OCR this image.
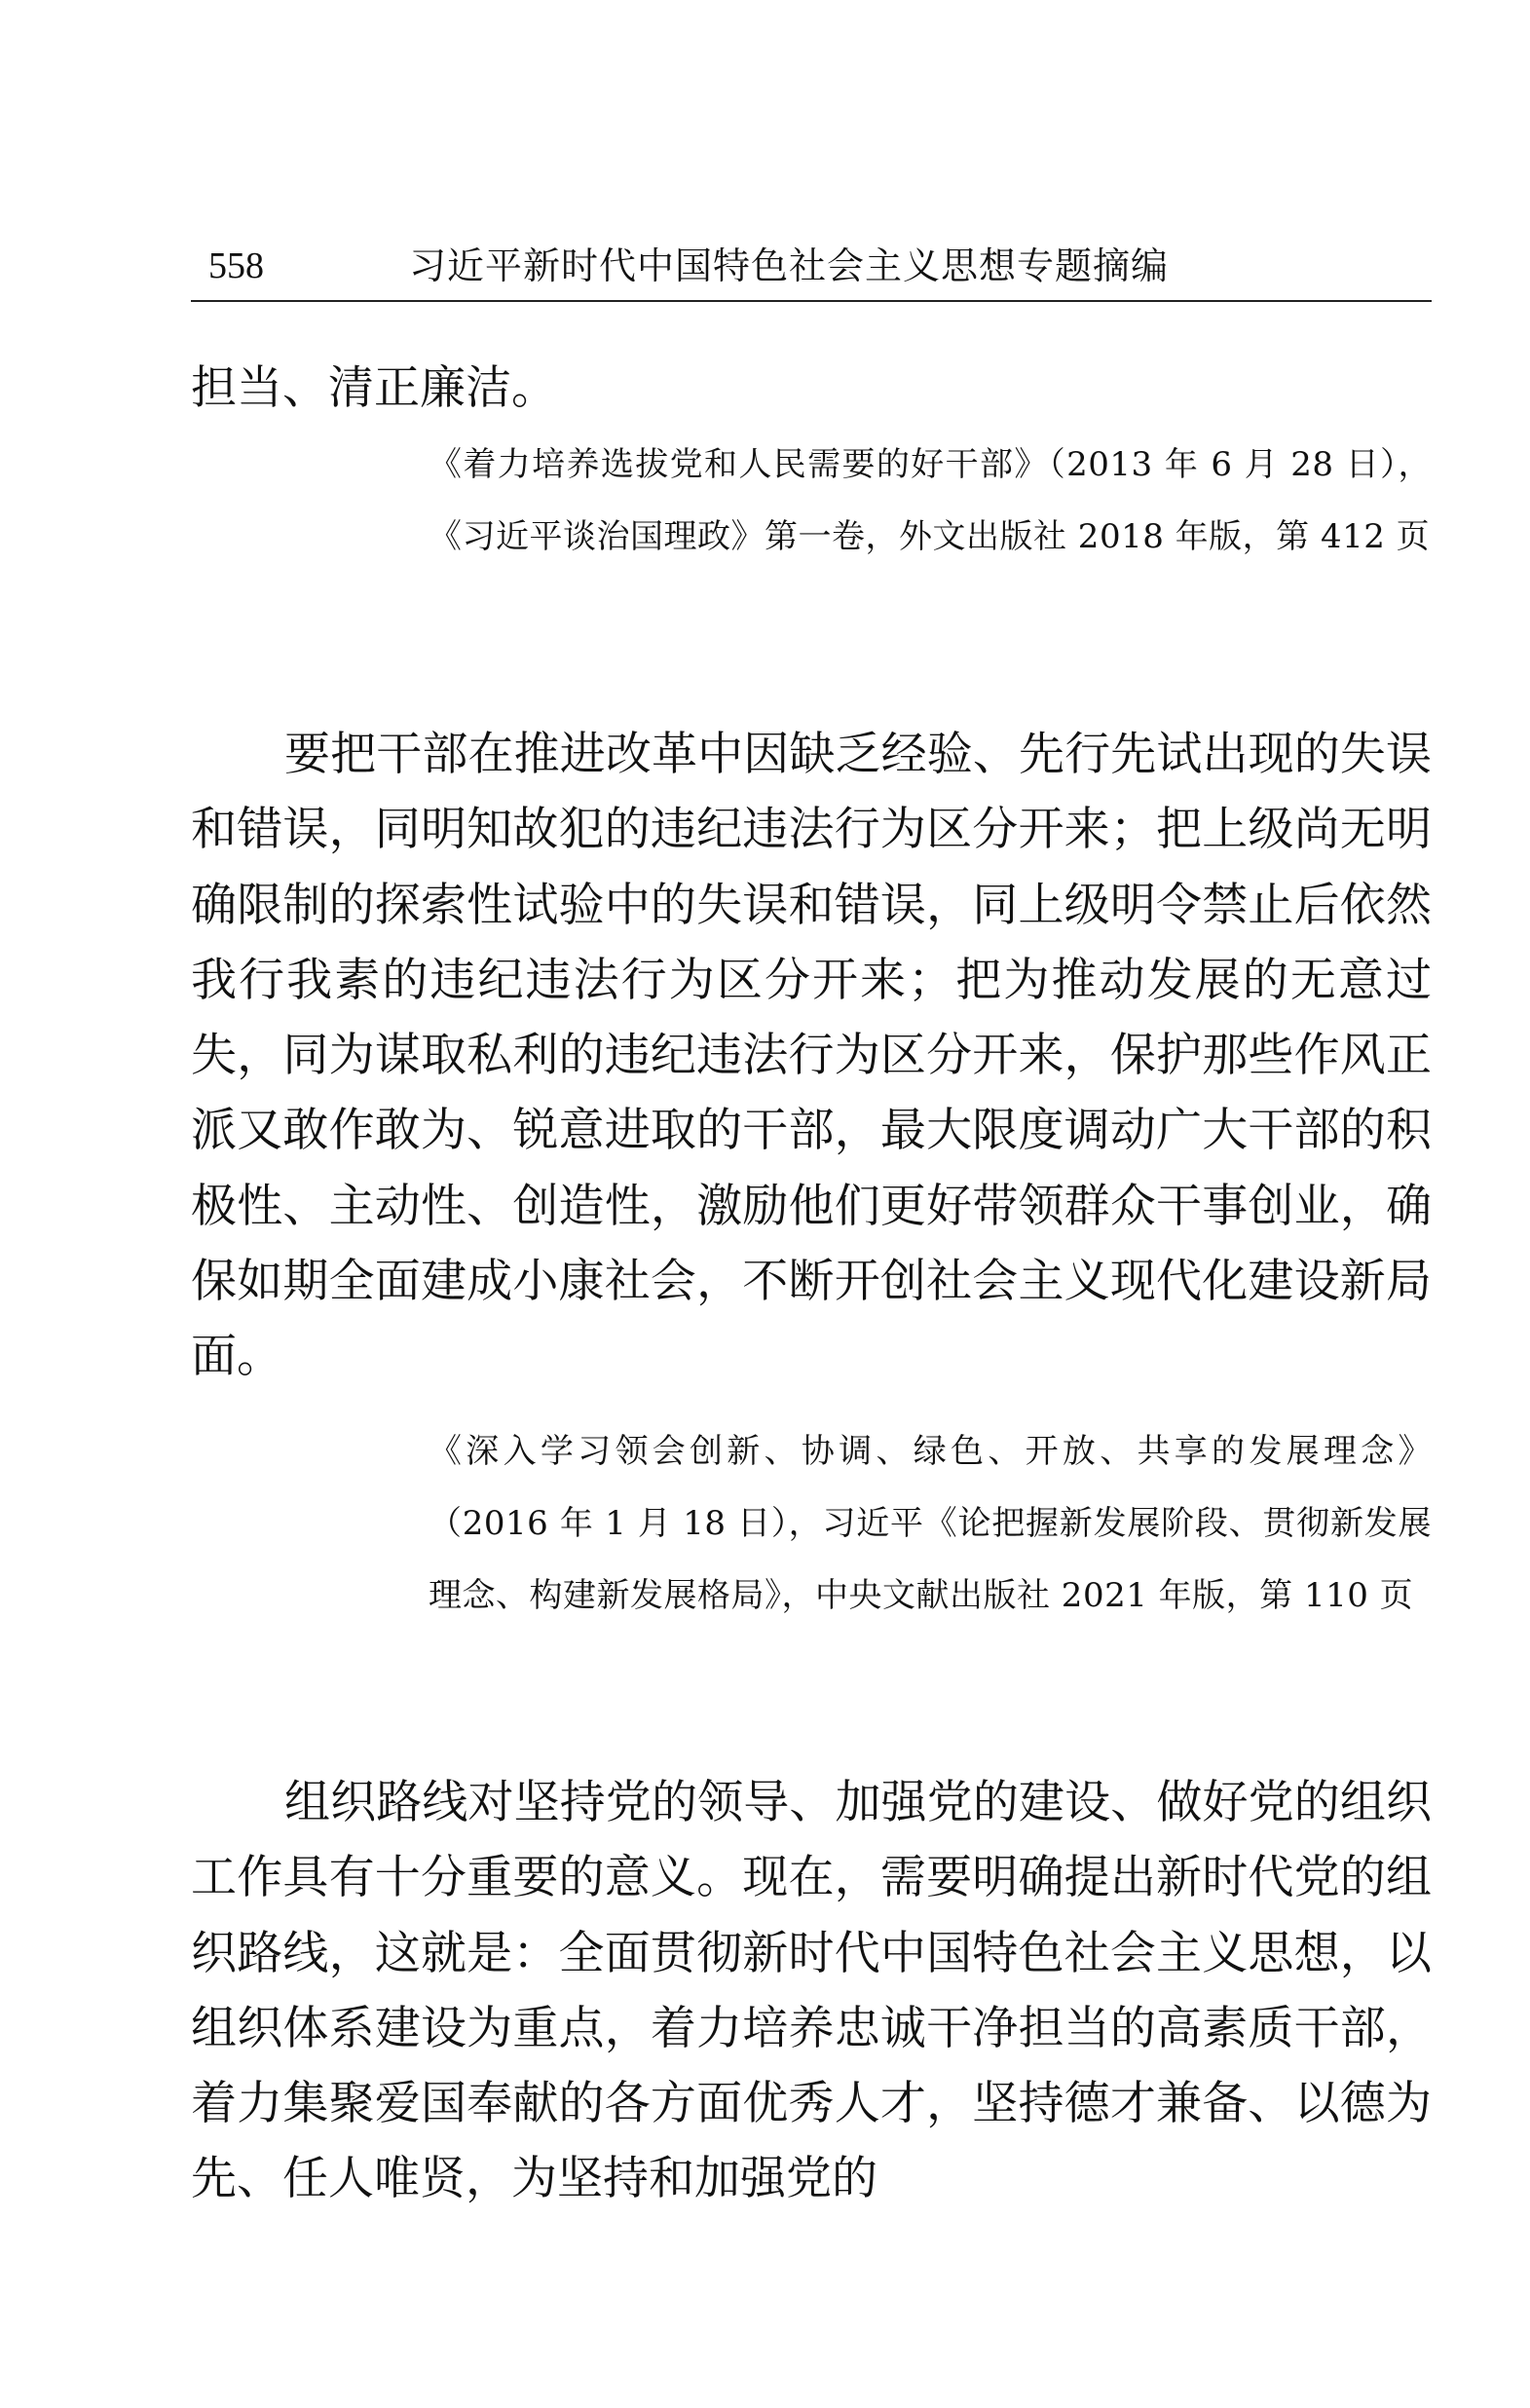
558	习近平新时代中国特色社会主义思想专题摘编

担当、清正廉洁。

《着力培养选拔党和人民需要的好干部》（2013 年 6 月 28 日），《习近平谈治国理政》第一卷，外文出版社 2018 年版，第 412 页

要把干部在推进改革中因缺乏经验、先行先试出现的失误和错误，同明知故犯的违纪违法行为区分开来；把上级尚无明确限制的探索性试验中的失误和错误，同上级明令禁止后依然我行我素的违纪违法行为区分开来；把为推动发展的无意过失，同为谋取私利的违纪违法行为区分开来，保护那些作风正派又敢作敢为、锐意进取的干部，最大限度调动广大干部的积极性、主动性、创造性，激励他们更好带领群众干事创业，确保如期全面建成小康社会，不断开创社会主义现代化建设新局面。

《深入学习领会创新、协调、绿色、开放、共享的发展理念》（2016 年 1 月 18 日），习近平《论把握新发展阶段、贯彻新发展理念、构建新发展格局》，中央文献出版社 2021 年版，第 110 页

组织路线对坚持党的领导、加强党的建设、做好党的组织工作具有十分重要的意义。现在，需要明确提出新时代党的组织路线，这就是：全面贯彻新时代中国特色社会主义思想，以组织体系建设为重点，着力培养忠诚干净担当的高素质干部，着力集聚爱国奉献的各方面优秀人才，坚持德才兼备、以德为先、任人唯贤，为坚持和加强党的
